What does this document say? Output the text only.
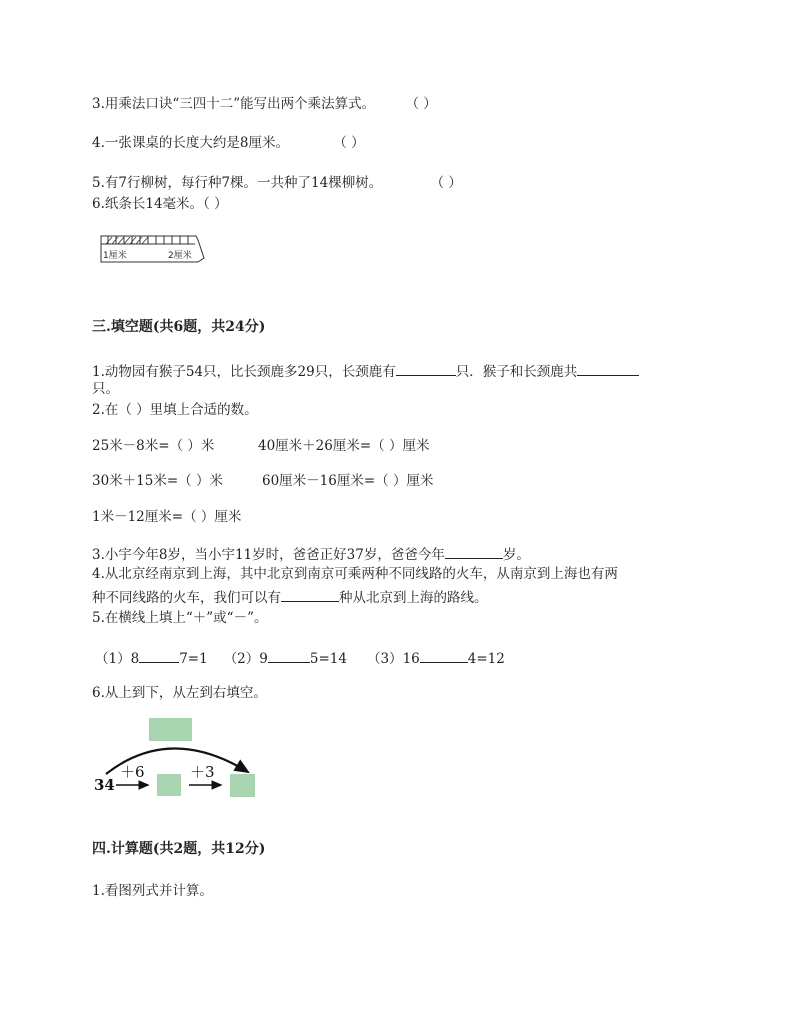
3.用乘法口诀“三四十二”能写出两个乘法算式。 （ ）
4.一张课桌的长度大约是8厘米。	（ ）
5.有7行柳树，每行种7棵。一共种了14棵柳树。	（ ）
6.纸条长14毫米。（ ）
1厘米	2厘米
三.填空题(共6题，共24分)
1.动物园有猴子54只，比长颈鹿多29只，长颈鹿有	只．猴子和长颈鹿共
只。
2.在（ ）里填上合适的数。
25米－8米=（ ）米	40厘米＋26厘米=（ ）厘米
30米＋15米=（ ）米	60厘米－16厘米=（ ）厘米
1米－12厘米=（ ）厘米
3.小宇今年8岁，当小宇11岁时，爸爸正好37岁，爸爸今年	岁。
4.从北京经南京到上海，其中北京到南京可乘两种不同线路的火车，从南京到上海也有两
种不同线路的火车，我们可以有	种从北京到上海的路线。
5.在横线上填上“＋”或“－”。
（1）8	7=1 （2）9	5=14 （3）16	4=12
6.从上到下，从左到右填空。
34
＋6	＋3
四.计算题(共2题，共12分)
1.看图列式并计算。
